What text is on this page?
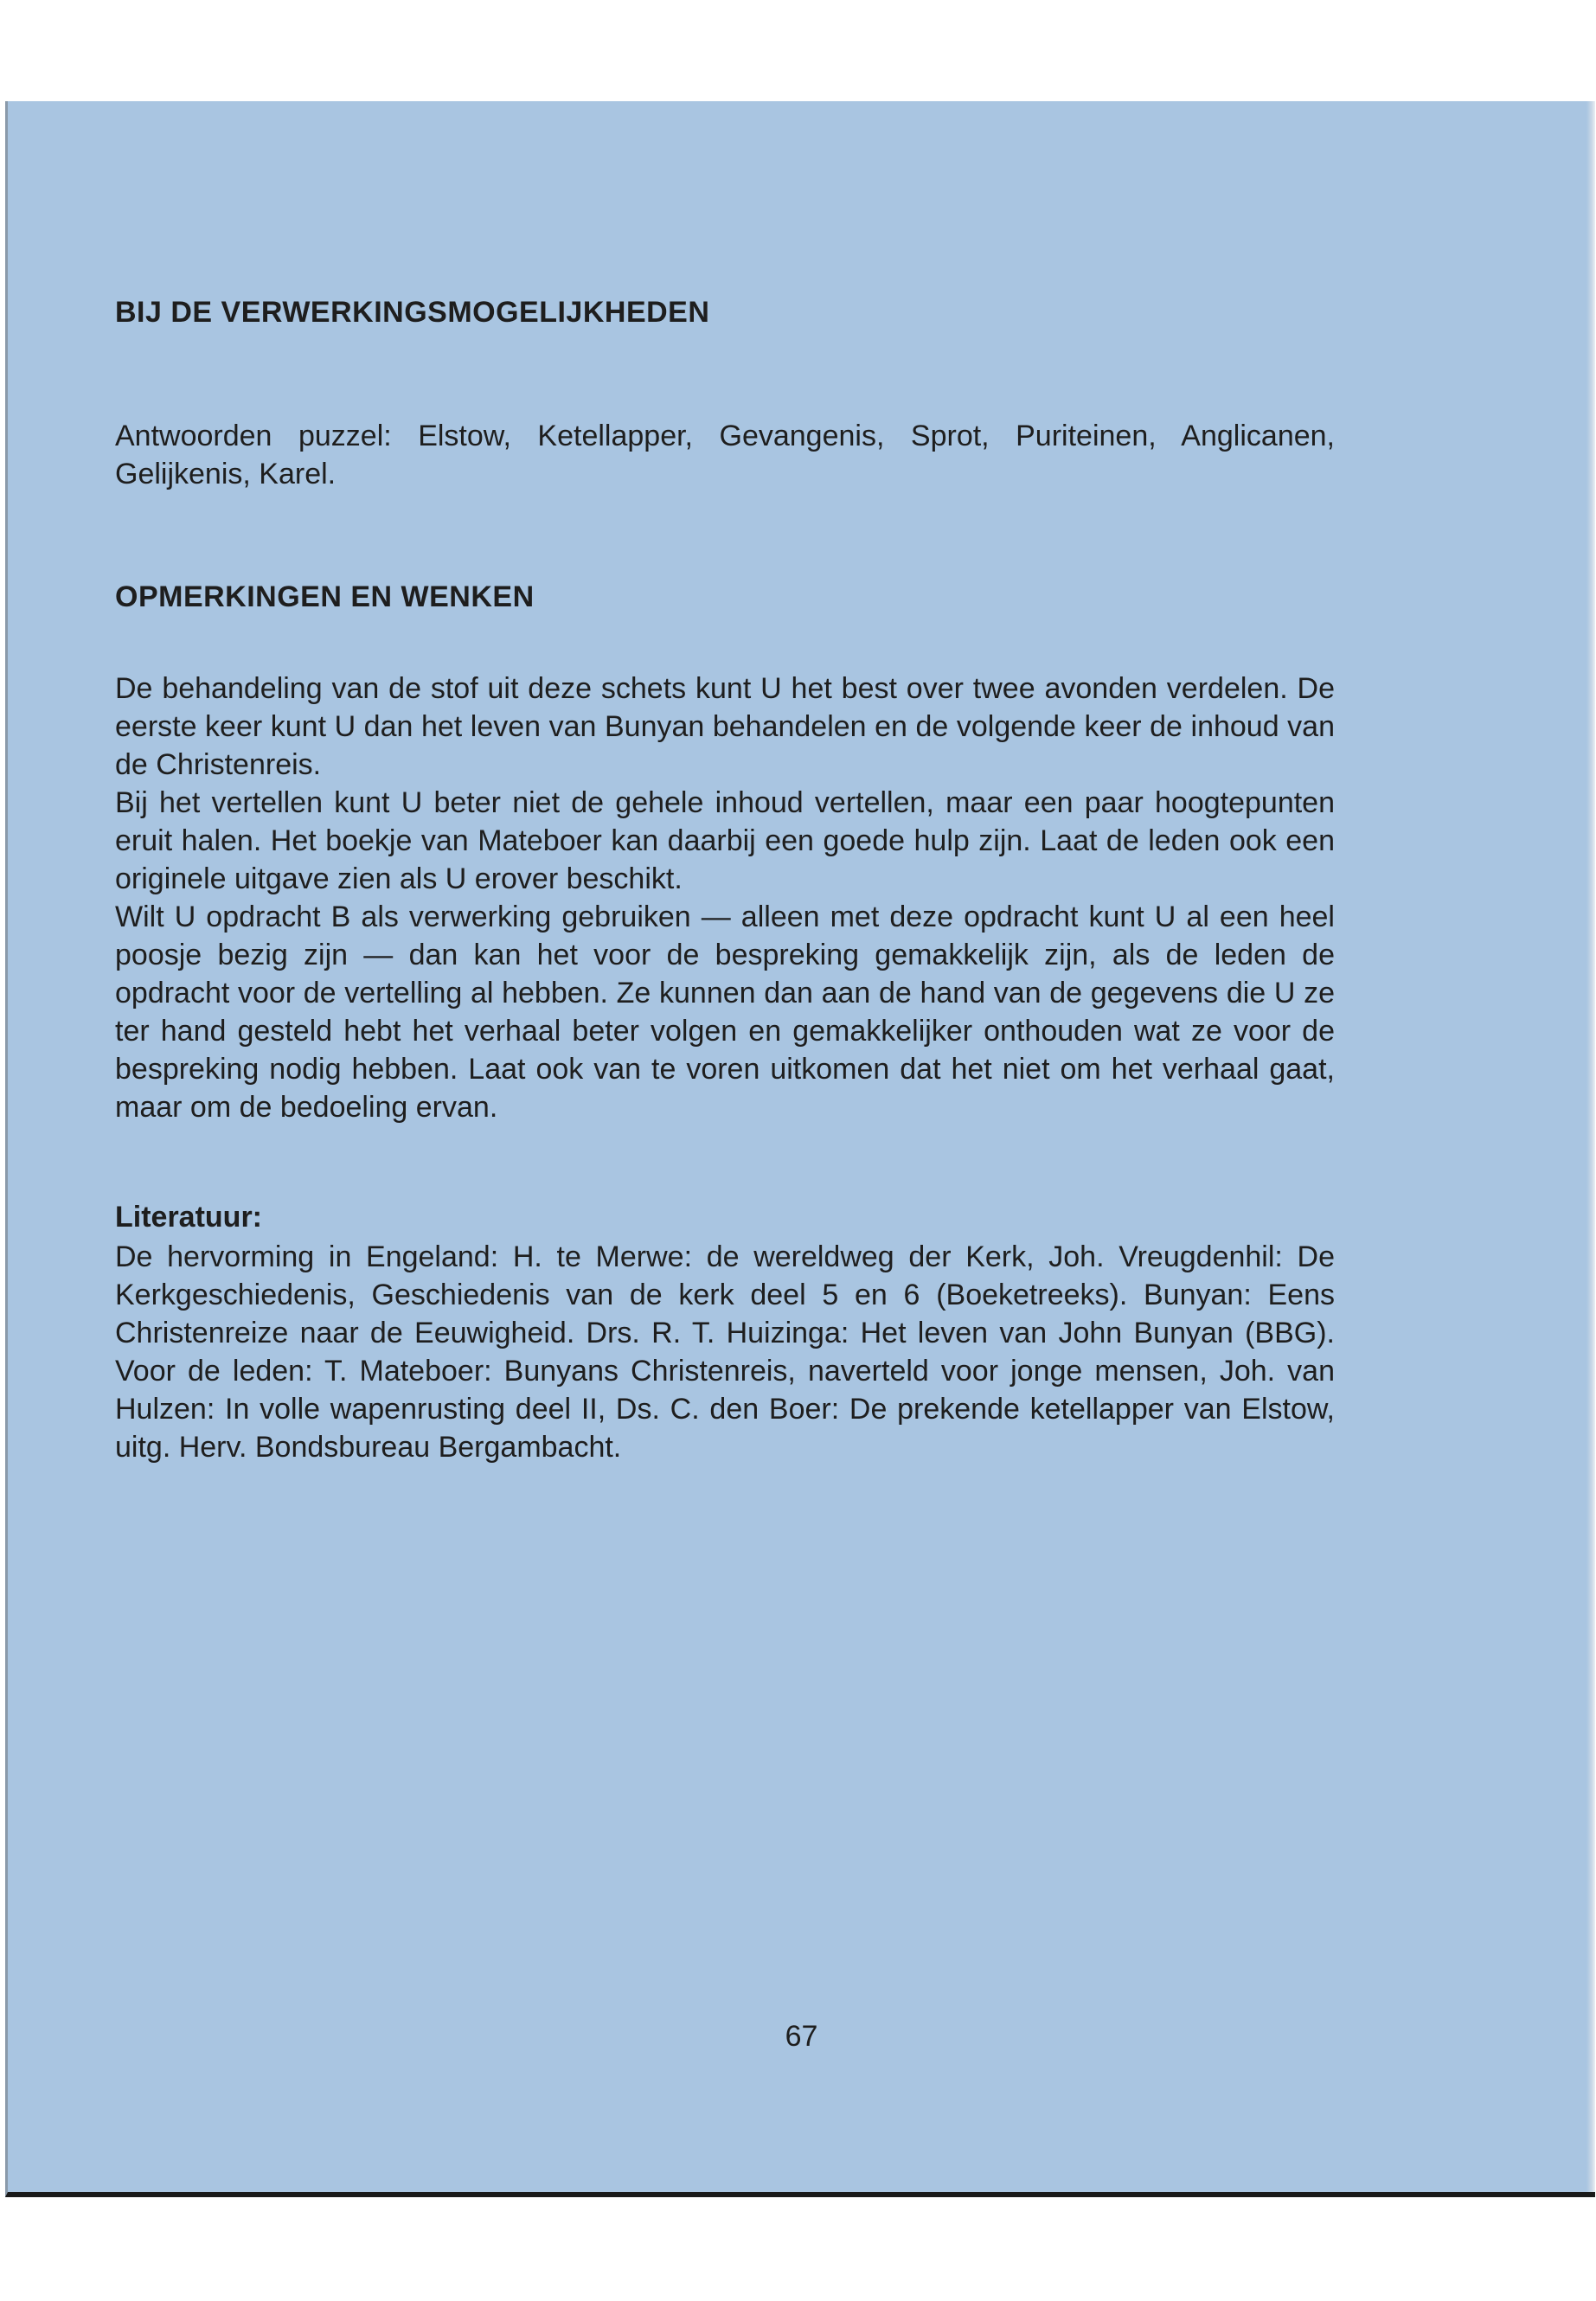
BIJ DE VERWERKINGSMOGELIJKHEDEN

Antwoorden puzzel: Elstow, Ketellapper, Gevangenis, Sprot, Puriteinen, Anglicanen, Gelijkenis, Karel.

OPMERKINGEN EN WENKEN

De behandeling van de stof uit deze schets kunt U het best over twee avonden verdelen. De eerste keer kunt U dan het leven van Bunyan behandelen en de volgende keer de inhoud van de Christenreis.

Bij het vertellen kunt U beter niet de gehele inhoud vertellen, maar een paar hoogtepunten eruit halen. Het boekje van Mateboer kan daarbij een goede hulp zijn. Laat de leden ook een originele uitgave zien als U erover beschikt.

Wilt U opdracht B als verwerking gebruiken — alleen met deze opdracht kunt U al een heel poosje bezig zijn — dan kan het voor de bespreking gemakkelijk zijn, als de leden de opdracht voor de vertelling al hebben. Ze kunnen dan aan de hand van de gegevens die U ze ter hand gesteld hebt het verhaal beter volgen en gemakkelijker onthouden wat ze voor de bespreking nodig hebben. Laat ook van te voren uitkomen dat het niet om het verhaal gaat, maar om de bedoeling ervan.

Literatuur:

De hervorming in Engeland: H. te Merwe: de wereldweg der Kerk, Joh. Vreugdenhil: De Kerkgeschiedenis, Geschiedenis van de kerk deel 5 en 6 (Boeketreeks). Bunyan: Eens Christenreize naar de Eeuwigheid. Drs. R. T. Huizinga: Het leven van John Bunyan (BBG). Voor de leden: T. Mateboer: Bunyans Christenreis, naverteld voor jonge mensen, Joh. van Hulzen: In volle wapenrusting deel II, Ds. C. den Boer: De prekende ketellapper van Elstow, uitg. Herv. Bondsbureau Bergambacht.

67
